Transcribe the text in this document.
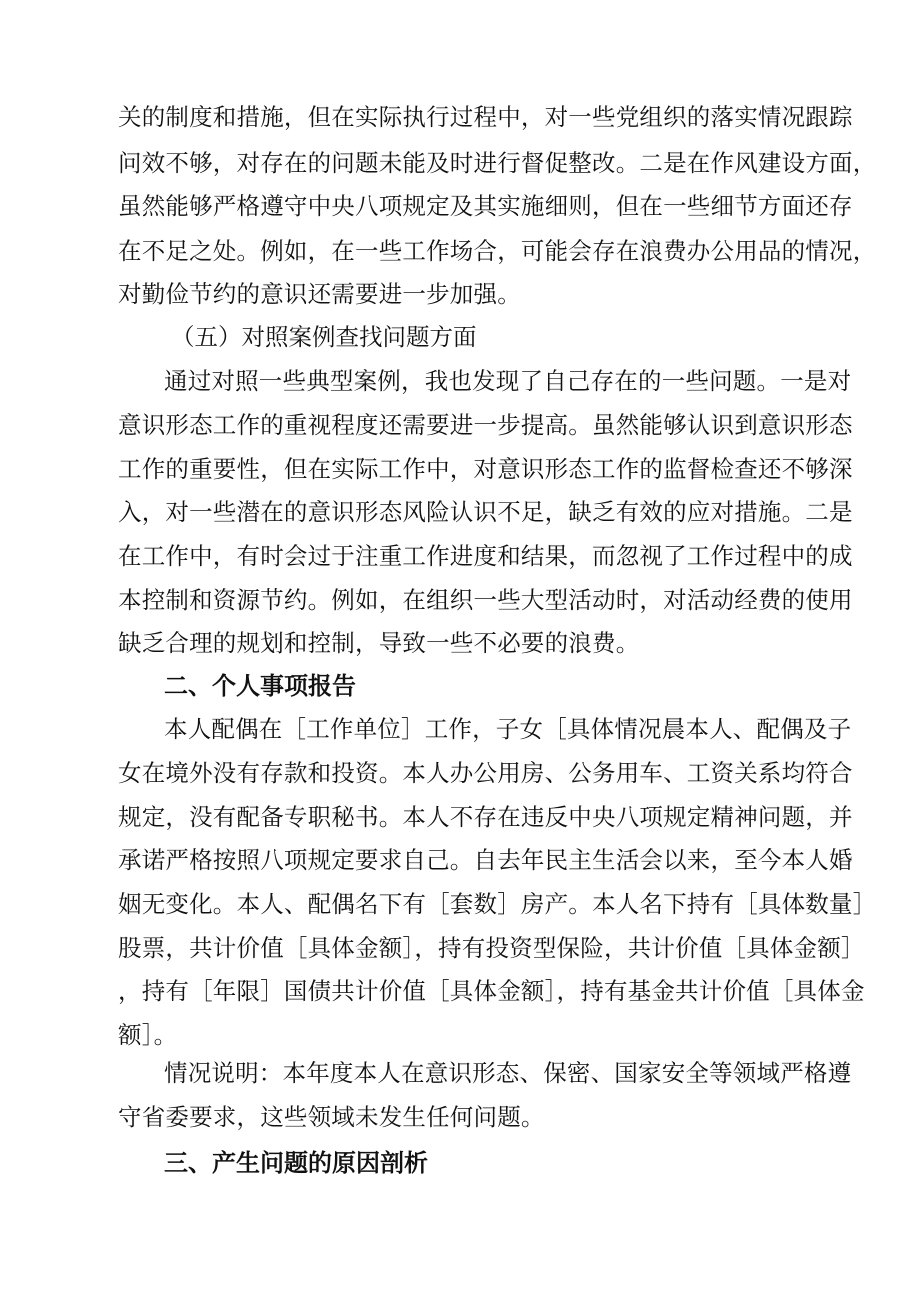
关的制度和措施，但在实际执行过程中，对一些党组织的落实情况跟踪
问效不够，对存在的问题未能及时进行督促整改。二是在作风建设方面，
虽然能够严格遵守中央八项规定及其实施细则，但在一些细节方面还存
在不足之处。例如，在一些工作场合，可能会存在浪费办公用品的情况，
对勤俭节约的意识还需要进一步加强。
（五）对照案例查找问题方面
通过对照一些典型案例，我也发现了自己存在的一些问题。一是对
意识形态工作的重视程度还需要进一步提高。虽然能够认识到意识形态
工作的重要性，但在实际工作中，对意识形态工作的监督检查还不够深
入，对一些潜在的意识形态风险认识不足，缺乏有效的应对措施。二是
在工作中，有时会过于注重工作进度和结果，而忽视了工作过程中的成
本控制和资源节约。例如，在组织一些大型活动时，对活动经费的使用
缺乏合理的规划和控制，导致一些不必要的浪费。
二、个人事项报告
本人配偶在［工作单位］工作，子女［具体情况晨本人、配偶及子
女在境外没有存款和投资。本人办公用房、公务用车、工资关系均符合
规定，没有配备专职秘书。本人不存在违反中央八项规定精神问题，并
承诺严格按照八项规定要求自己。自去年民主生活会以来，至今本人婚
姻无变化。本人、配偶名下有［套数］房产。本人名下持有［具体数量］
股票，共计价值［具体金额］，持有投资型保险，共计价值［具体金额］
，持有［年限］国债共计价值［具体金额］，持有基金共计价值［具体金
额］。
情况说明：本年度本人在意识形态、保密、国家安全等领域严格遵
守省委要求，这些领域未发生任何问题。
三、产生问题的原因剖析
